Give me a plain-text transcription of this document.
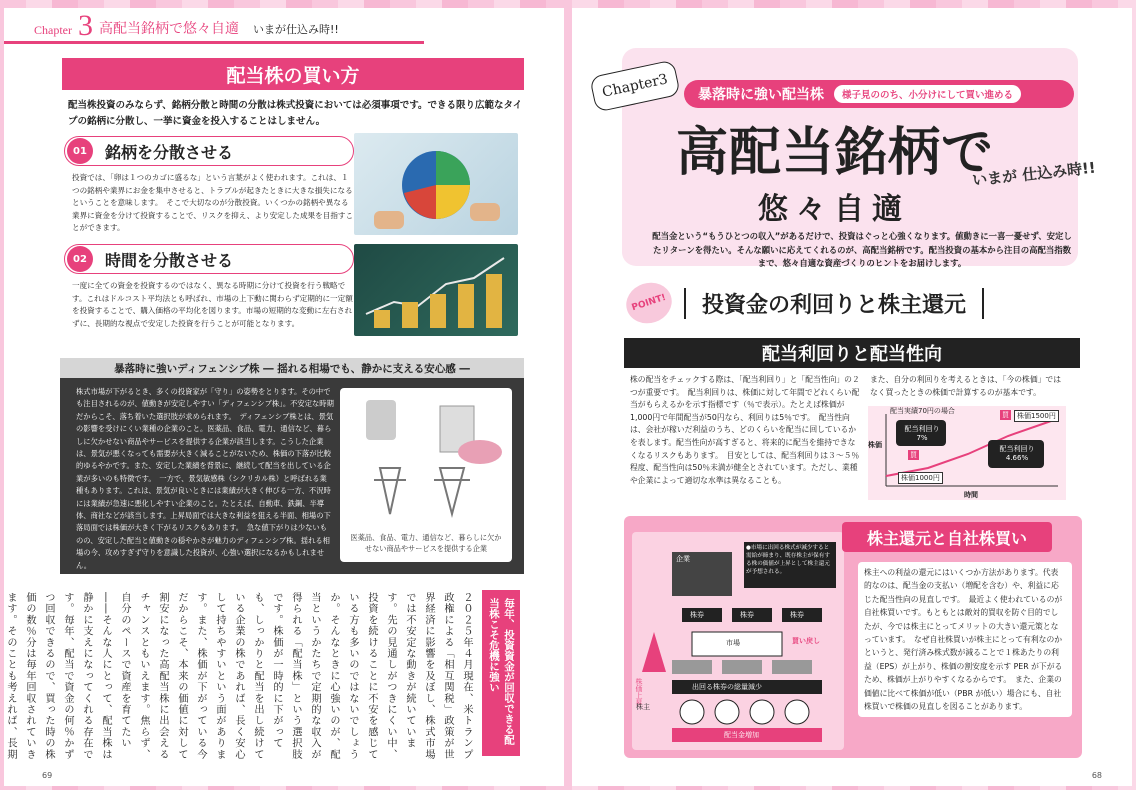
Chapter 3 高配当銘柄で悠々自適 いまが仕込み時!!
配当株の買い方
配当株投資のみならず、銘柄分散と時間の分散は株式投資においては必須事項です。できる限り広範なタイプの銘柄に分散し、一挙に資金を投入することはしません。
01	銘柄を分散させる
投資では、「卵は１つのカゴに盛るな」という言葉がよく使われます。これは、１つの銘柄や業界にお金を集中させると、トラブルが起きたときに大きな損失になるということを意味します。　そこで大切なのが分散投資。いくつかの銘柄や異なる業界に資金を分けて投資することで、リスクを抑え、より安定した成果を目指すことができます。
02	時間を分散させる
一度に全ての資金を投資するのではなく、異なる時期に分けて投資を行う戦略です。これはドルコスト平均法とも呼ばれ、市場の上下動に関わらず定期的に一定額を投資することで、購入価格の平均化を図ります。市場の短期的な変動に左右されずに、長期的な視点で安定した投資を行うことが可能となります。
暴落時に強いディフェンシブ株 ― 揺れる相場でも、静かに支える安心感 ―
株式市場が下がるとき、多くの投資家が「守り」の姿勢をとります。その中でも注目されるのが、値動きが安定しやすい「ディフェンシブ株」。不安定な時期だからこそ、落ち着いた選択肢が求められます。　ディフェンシブ株とは、景気の影響を受けにくい業種の企業のこと。医薬品、食品、電力、通信など、暮らしに欠かせない商品やサービスを提供する企業が該当します。こうした企業は、景気が悪くなっても需要が大きく減ることがないため、株価の下落が比較的ゆるやかです。また、安定した業績を背景に、継続して配当を出している企業が多いのも特徴です。　一方で、景気敏感株（シクリカル株）と呼ばれる業種もあります。これは、景気が良いときには業績が大きく伸びる一方、不況時には業績が急速に悪化しやすい企業のこと。たとえば、自動車、鉄鋼、半導体、商社などが該当します。上昇局面では大きな利益を狙える半面、相場の下落局面では株価が大きく下がるリスクもあります。　急な値下がりは少ないものの、安定した配当と値動きの穏やかさが魅力のディフェンシブ株。揺れる相場の今、攻めすぎず守りを意識した投資が、心強い選択になるかもしれません。
医薬品、食品、電力、通信など、暮らしに欠かせない商品やサービスを提供する企業
２０２５年４月現在、米トランプ政権による「相互関税」政策が世界経済に影響を及ぼし、株式市場では不安定な動きが続いています。先の見通しがつきにくい中、投資を続けることに不安を感じている方も多いのではないでしょうか。そんなときに心強いのが、配当というかたちで定期的な収入が得られる「配当株」という選択肢です。株価が一時的に下がっても、しっかりと配当を出し続けている企業の株であれば、長く安心して持ちやすいという面があります。また、株価が下がっている今だからこそ、本来の価値に対して割安になった高配当株に出会えるチャンスともいえます。焦らず、自分のペースで資産を育てたい――そんな人にとって、配当株は静かに支えになってくれる存在です。毎年、配当で資金の何％かずつ回収できるので、買った時の株価の数％分は毎年回収されていきます。そのことも考えれば、長期
毎年、投資資金が回収できる配当株こそ危機に強い
69
Chapter3	暴落時に強い配当株	様子見ののち、小分けにして買い進める
高配当銘柄で
悠々自適
いまが 仕込み時!!
配当金という“もうひとつの収入”があるだけで、投資はぐっと心強くなります。値動きに一喜一憂せず、安定したリターンを得たい。そんな願いに応えてくれるのが、高配当銘柄です。配当投資の基本から注目の高配当指数まで、悠々自適な資産づくりのヒントをお届けします。
POINT!	投資金の利回りと株主還元
配当利回りと配当性向
株の配当をチェックする際は、「配当利回り」と「配当性向」の２つが重要です。　配当利回りは、株価に対して年間でどれくらい配当がもらえるかを示す指標です（％で表示）。たとえば株価が1,000円で年間配当が50円なら、利回りは5％です。　配当性向は、会社が稼いだ利益のうち、どのくらいを配当に回しているかを表します。配当性向が高すぎると、将来的に配当を維持できなくなるリスクもあります。　目安としては、配当利回りは３～５％程度、配当性向は50％未満が健全とされています。ただし、業種や企業によって適切な水準は異なることも。
また、自分の利回りを考えるときは、「今の株価」ではなく買ったときの株価で計算するのが基本です。
配当実績70円の場合
配当利回り 7%
配当利回り 4.66%
買
買
株価1000円
株価1500円
株価
時間
企業
●市場に出回る株式が減少すると需給が締まり、既存株主が保有する株の価値が上昇として株主還元が予想される。
株券	株券	株券
市場	買い戻し
株価上昇
株主
出回る株券の総量減少
配当金増加
株主還元と自社株買い
株主への利益の還元にはいくつか方法があります。代表的なのは、配当金の支払い（増配を含む）や、利益に応じた配当性向の見直しです。　最近よく使われているのが自社株買いです。もともとは敵対的買収を防ぐ目的でしたが、今では株主にとってメリットの大きい還元策となっています。　なぜ自社株買いが株主にとって有利なのかというと、発行済み株式数が減ることで１株あたりの利益（EPS）が上がり、株価の割安度を示す PER が下がるため、株価が上がりやすくなるからです。　また、企業の価値に比べて株価が低い（PBR が低い）場合にも、自社株買いで株価の見直しを図ることがあります。
68
